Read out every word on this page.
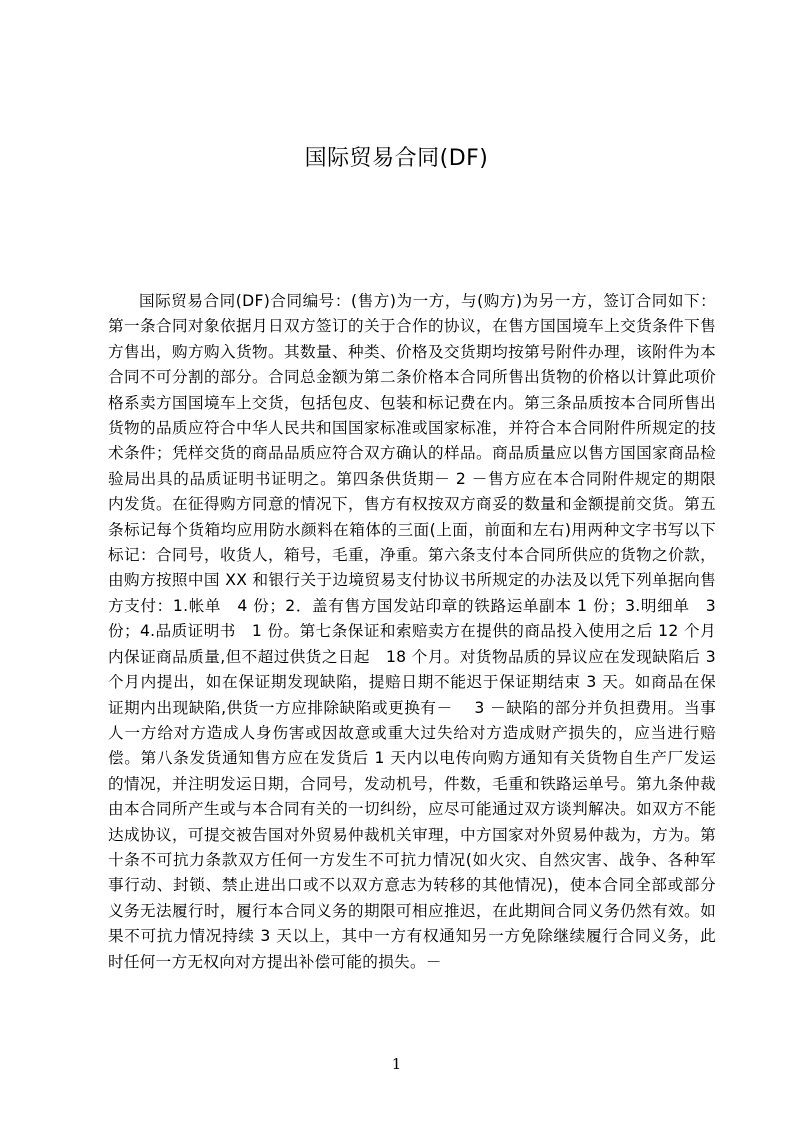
国际贸易合同(DF)

国际贸易合同(DF)合同编号：(售方)为一方，与(购方)为另一方，签订合同如下：第一条合同对象依据月日双方签订的关于合作的协议，在售方国国境车上交货条件下售方售出，购方购入货物。其数量、种类、价格及交货期均按第号附件办理，该附件为本合同不可分割的部分。合同总金额为第二条价格本合同所售出货物的价格以计算此项价格系卖方国国境车上交货，包括包皮、包装和标记费在内。第三条品质按本合同所售出货物的品质应符合中华人民共和国国家标准或国家标准，并符合本合同附件所规定的技术条件；凭样交货的商品品质应符合双方确认的样品。商品质量应以售方国国家商品检验局出具的品质证明书证明之。第四条供货期－ 2 －售方应在本合同附件规定的期限内发货。在征得购方同意的情况下，售方有权按双方商妥的数量和金额提前交货。第五条标记每个货箱均应用防水颜料在箱体的三面(上面，前面和左右)用两种文字书写以下标记：合同号，收货人，箱号，毛重，净重。第六条支付本合同所供应的货物之价款，由购方按照中国 XX 和银行关于边境贸易支付协议书所规定的办法及以凭下列单据向售方支付：1.帐单　4 份；2．盖有售方国发站印章的铁路运单副本 1 份；3.明细单　3 份；4.品质证明书　1 份。第七条保证和索赔卖方在提供的商品投入使用之后 12 个月内保证商品质量,但不超过供货之日起　18 个月。对货物品质的异议应在发现缺陷后 3 个月内提出，如在保证期发现缺陷，提赔日期不能迟于保证期结束 3 天。如商品在保证期内出现缺陷,供货一方应排除缺陷或更换有－　 3 －缺陷的部分并负担费用。当事人一方给对方造成人身伤害或因故意或重大过失给对方造成财产损失的，应当进行赔偿。第八条发货通知售方应在发货后 1 天内以电传向购方通知有关货物自生产厂发运的情况，并注明发运日期，合同号，发动机号，件数，毛重和铁路运单号。第九条仲裁由本合同所产生或与本合同有关的一切纠纷，应尽可能通过双方谈判解决。如双方不能达成协议，可提交被告国对外贸易仲裁机关审理，中方国家对外贸易仲裁为，方为。第十条不可抗力条款双方任何一方发生不可抗力情况(如火灾、自然灾害、战争、各种军事行动、封锁、禁止进出口或不以双方意志为转移的其他情况)，使本合同全部或部分义务无法履行时，履行本合同义务的期限可相应推迟，在此期间合同义务仍然有效。如果不可抗力情况持续 3 天以上，其中一方有权通知另一方免除继续履行合同义务，此时任何一方无权向对方提出补偿可能的损失。－

1
